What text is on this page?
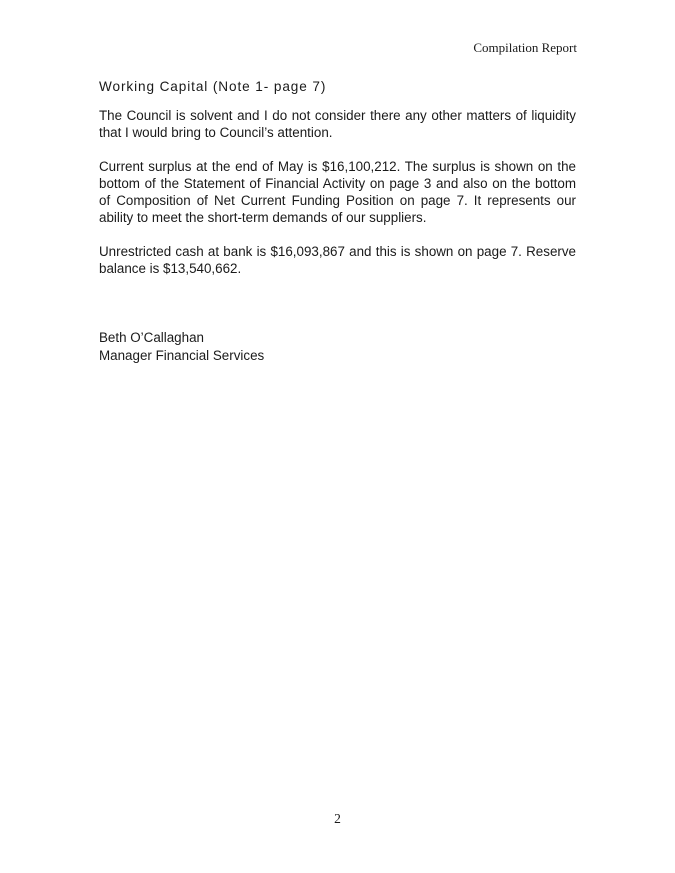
Compilation Report
Working Capital (Note 1- page 7)

The Council is solvent and I do not consider there any other matters of liquidity that I would bring to Council’s attention.

Current surplus at the end of May is $16,100,212. The surplus is shown on the bottom of the Statement of Financial Activity on page 3 and also on the bottom of Composition of Net Current Funding Position on page 7. It represents our ability to meet the short-term demands of our suppliers.

Unrestricted cash at bank is $16,093,867 and this is shown on page 7. Reserve balance is $13,540,662.

Beth O’Callaghan
Manager Financial Services
2
